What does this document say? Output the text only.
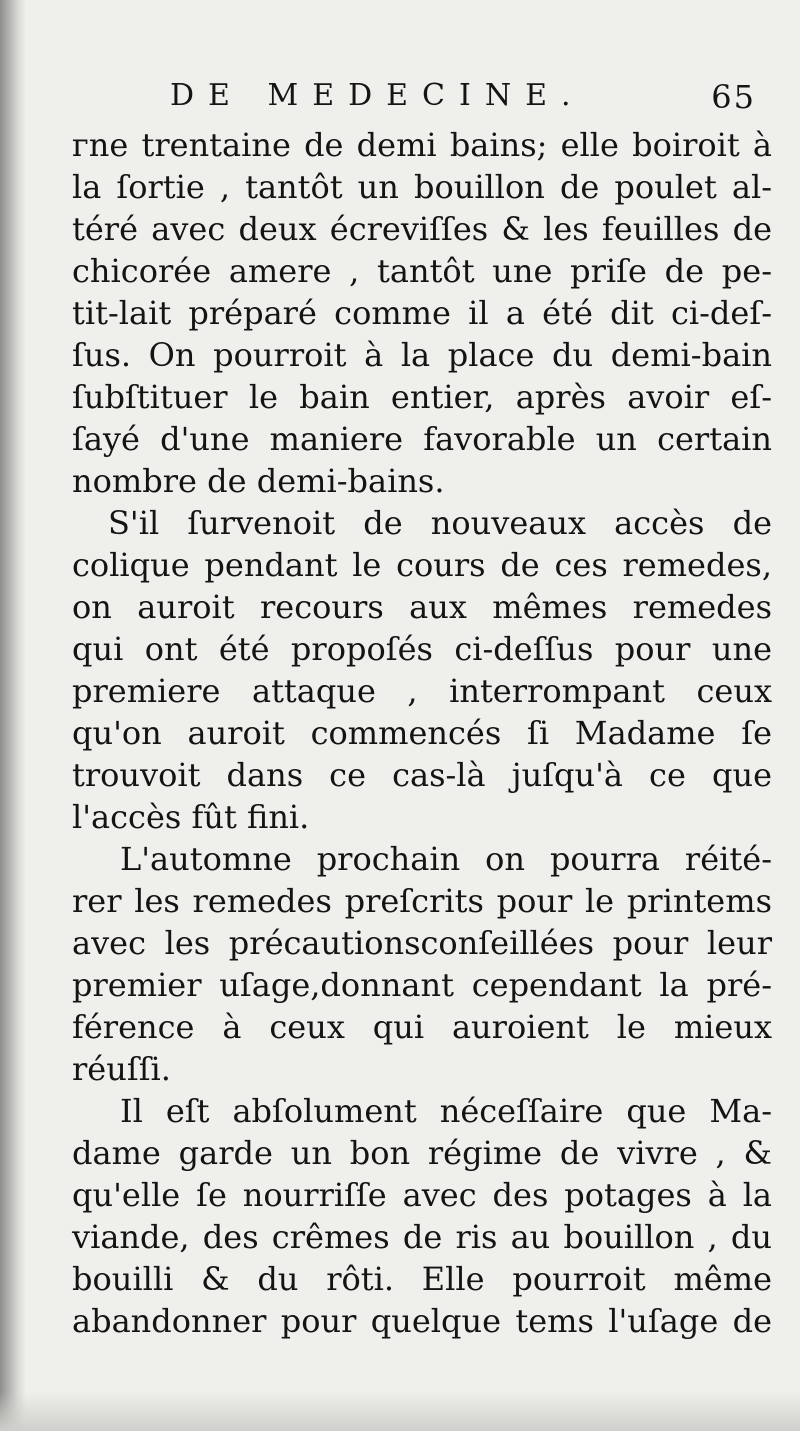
DE MEDECINE.	65
ᴦne trentaine de demi bains; elle boiroit à
la ſortie , tantôt un bouillon de poulet al-
téré avec deux écreviſſes & les feuilles de
chicorée amere , tantôt une priſe de pe-
tit-lait préparé comme il a été dit ci-deſ-
ſus. On pourroit à la place du demi-bain
ſubſtituer le bain entier, après avoir eſ-
ſayé d'une maniere favorable un certain
nombre de demi-bains.
S'il ſurvenoit de nouveaux accès de
colique pendant le cours de ces remedes,
on auroit recours aux mêmes remedes
qui ont été propoſés ci-deſſus pour une
premiere attaque , interrompant ceux
qu'on auroit commencés ſi Madame ſe
trouvoit dans ce cas-là juſqu'à ce que
l'accès fût fini.
L'automne prochain on pourra réité-
rer les remedes preſcrits pour le printems
avec les précautionsconſeillées pour leur
premier uſage,donnant cependant la pré-
férence à ceux qui auroient le mieux
réuſſi.
Il eſt abſolument néceſſaire que Ma-
dame garde un bon régime de vivre , &
qu'elle ſe nourriſſe avec des potages à la
viande, des crêmes de ris au bouillon , du
bouilli & du rôti. Elle pourroit même
abandonner pour quelque tems l'uſage de
